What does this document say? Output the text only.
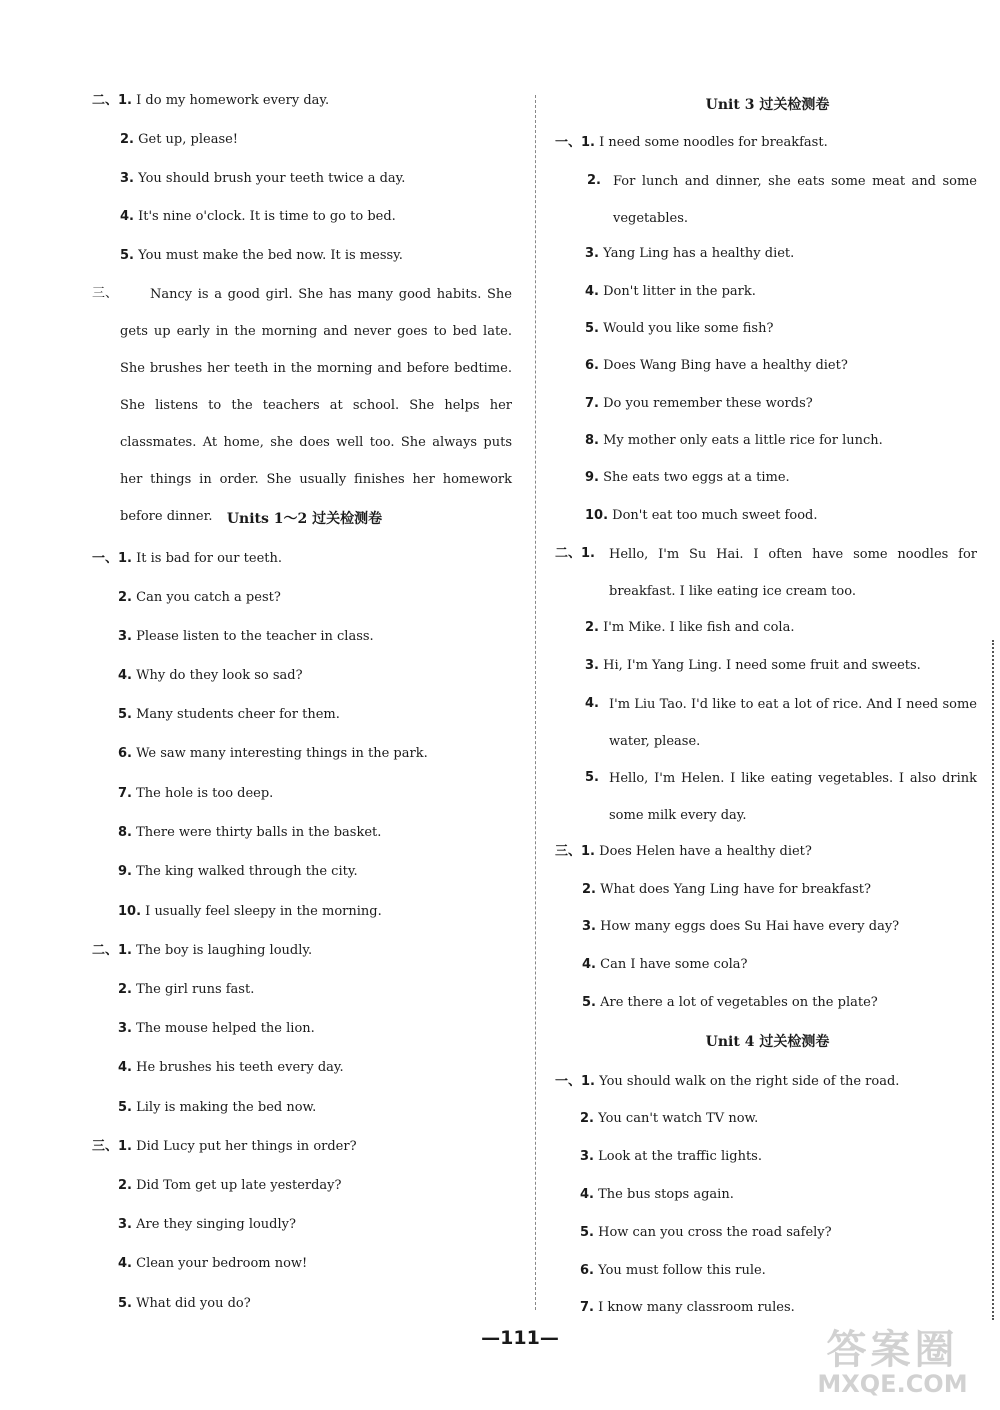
二、1. I do my homework every day.
2. Get up, please!
3. You should brush your teeth twice a day.
4. It's nine o'clock. It is time to go to bed.
5. You must make the bed now. It is messy.
三、	Nancy is a good girl. She has many good habits. She gets up early in the morning and never goes to bed late. She brushes her teeth in the morning and before bedtime. She listens to the teachers at school. She helps her classmates. At home, she does well too. She always puts her things in order. She usually finishes her homework before dinner.	Units 1～2 过关检测卷
一、1. It is bad for our teeth.
2. Can you catch a pest?
3. Please listen to the teacher in class.
4. Why do they look so sad?
5. Many students cheer for them.
6. We saw many interesting things in the park.
7. The hole is too deep.
8. There were thirty balls in the basket.
9. The king walked through the city.
10. I usually feel sleepy in the morning.
二、1. The boy is laughing loudly.
2. The girl runs fast.
3. The mouse helped the lion.
4. He brushes his teeth every day.
5. Lily is making the bed now.
三、1. Did Lucy put her things in order?
2. Did Tom get up late yesterday?
3. Are they singing loudly?
4. Clean your bedroom now!
5. What did you do?
Unit 3 过关检测卷
一、1. I need some noodles for breakfast.
2. For lunch and dinner, she eats some meat and some vegetables.
3. Yang Ling has a healthy diet.
4. Don't litter in the park.
5. Would you like some fish?
6. Does Wang Bing have a healthy diet?
7. Do you remember these words?
8. My mother only eats a little rice for lunch.
9. She eats two eggs at a time.
10. Don't eat too much sweet food.
二、1. Hello, I'm Su Hai. I often have some noodles for breakfast. I like eating ice cream too.
2. I'm Mike. I like fish and cola.
3. Hi, I'm Yang Ling. I need some fruit and sweets.
4. I'm Liu Tao. I'd like to eat a lot of rice. And I need some water, please.
5. Hello, I'm Helen. I like eating vegetables. I also drink some milk every day.
三、1. Does Helen have a healthy diet?
2. What does Yang Ling have for breakfast?
3. How many eggs does Su Hai have every day?
4. Can I have some cola?
5. Are there a lot of vegetables on the plate?
Unit 4 过关检测卷
一、1. You should walk on the right side of the road.
2. You can't watch TV now.
3. Look at the traffic lights.
4. The bus stops again.
5. How can you cross the road safely?
6. You must follow this rule.
7. I know many classroom rules.
—111—	答案圈
MXQE.COM
